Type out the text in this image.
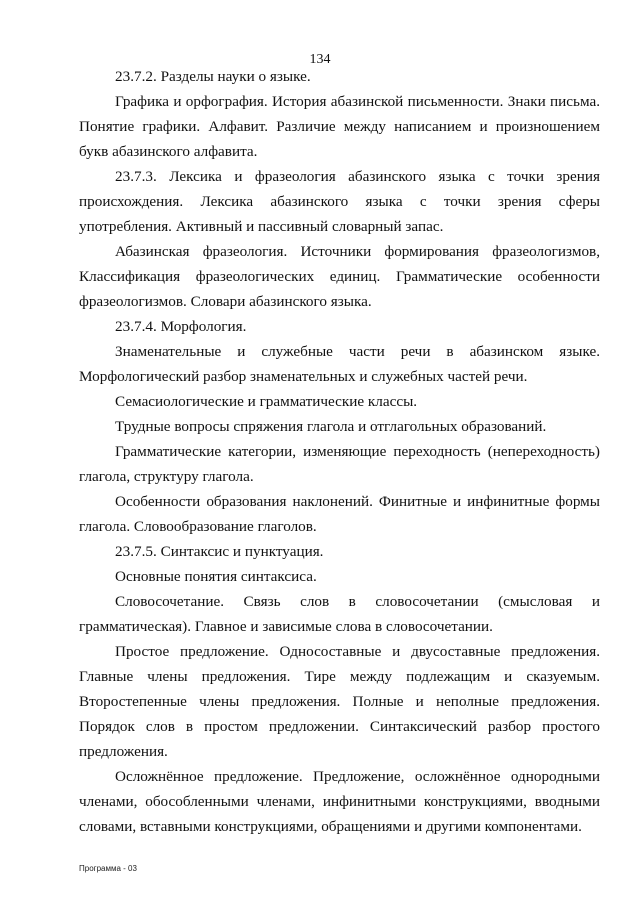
134

23.7.2. Разделы науки о языке.

Графика и орфография. История абазинской письменности. Знаки письма. Понятие графики. Алфавит. Различие между написанием и произношением букв абазинского алфавита.

23.7.3. Лексика и фразеология абазинского языка с точки зрения происхождения. Лексика абазинского языка с точки зрения сферы употребления. Активный и пассивный словарный запас.

Абазинская фразеология. Источники формирования фразеологизмов, Классификация фразеологических единиц. Грамматические особенности фразеологизмов. Словари абазинского языка.

23.7.4. Морфология.

Знаменательные и служебные части речи в абазинском языке. Морфологический разбор знаменательных и служебных частей речи.

Семасиологические и грамматические классы.

Трудные вопросы спряжения глагола и отглагольных образований.

Грамматические категории, изменяющие переходность (непереходность) глагола, структуру глагола.

Особенности образования наклонений. Финитные и инфинитные формы глагола. Словообразование глаголов.

23.7.5. Синтаксис и пунктуация.

Основные понятия синтаксиса.

Словосочетание. Связь слов в словосочетании (смысловая и грамматическая). Главное и зависимые слова в словосочетании.

Простое предложение. Односоставные и двусоставные предложения. Главные члены предложения. Тире между подлежащим и сказуемым. Второстепенные члены предложения. Полные и неполные предложения. Порядок слов в простом предложении. Синтаксический разбор простого предложения.

Осложнённое предложение. Предложение, осложнённое однородными членами, обособленными членами, инфинитными конструкциями, вводными словами, вставными конструкциями, обращениями и другими компонентами.

Программа - 03
